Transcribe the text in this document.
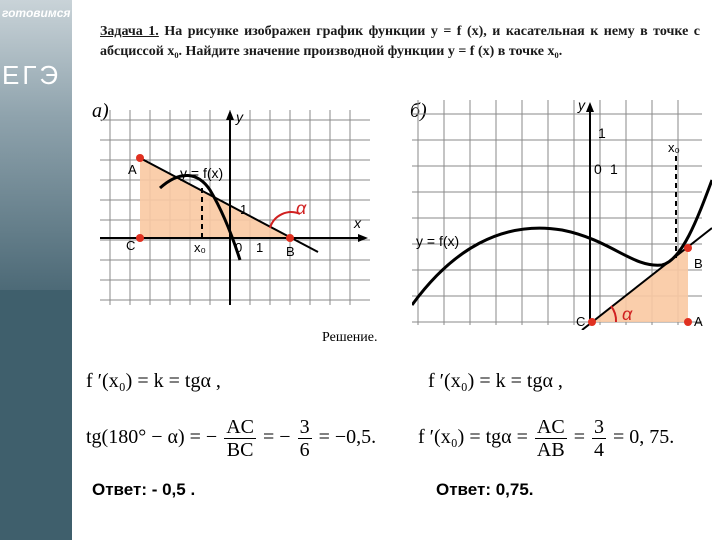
готовимся
ЕГЭ
Задача 1. На рисунке изображен график функции y = f (x), и касательная к нему в точке с абсциссой x₀. Найдите значение производной функции y = f (x) в точке x₀.
а)
A
C	B
y = f(x)
y
x
1
0 1
x₀
α
б)	y
1
x₀
0 1
y = f(x)
B
C	A
α
Решение.
f ′(x₀) = k = tgα ,
tg(180° − α) = − $\frac{AC}{BC}$ = − $\frac{3}{6} = -0,5$.
Ответ: - 0,5 .
f ′(x₀) = k = tgα ,
f $'(x_0) = tg\alpha = \frac{AC}{AB} = \frac{3}{4} = 0$, 75.
Ответ: 0,75.
